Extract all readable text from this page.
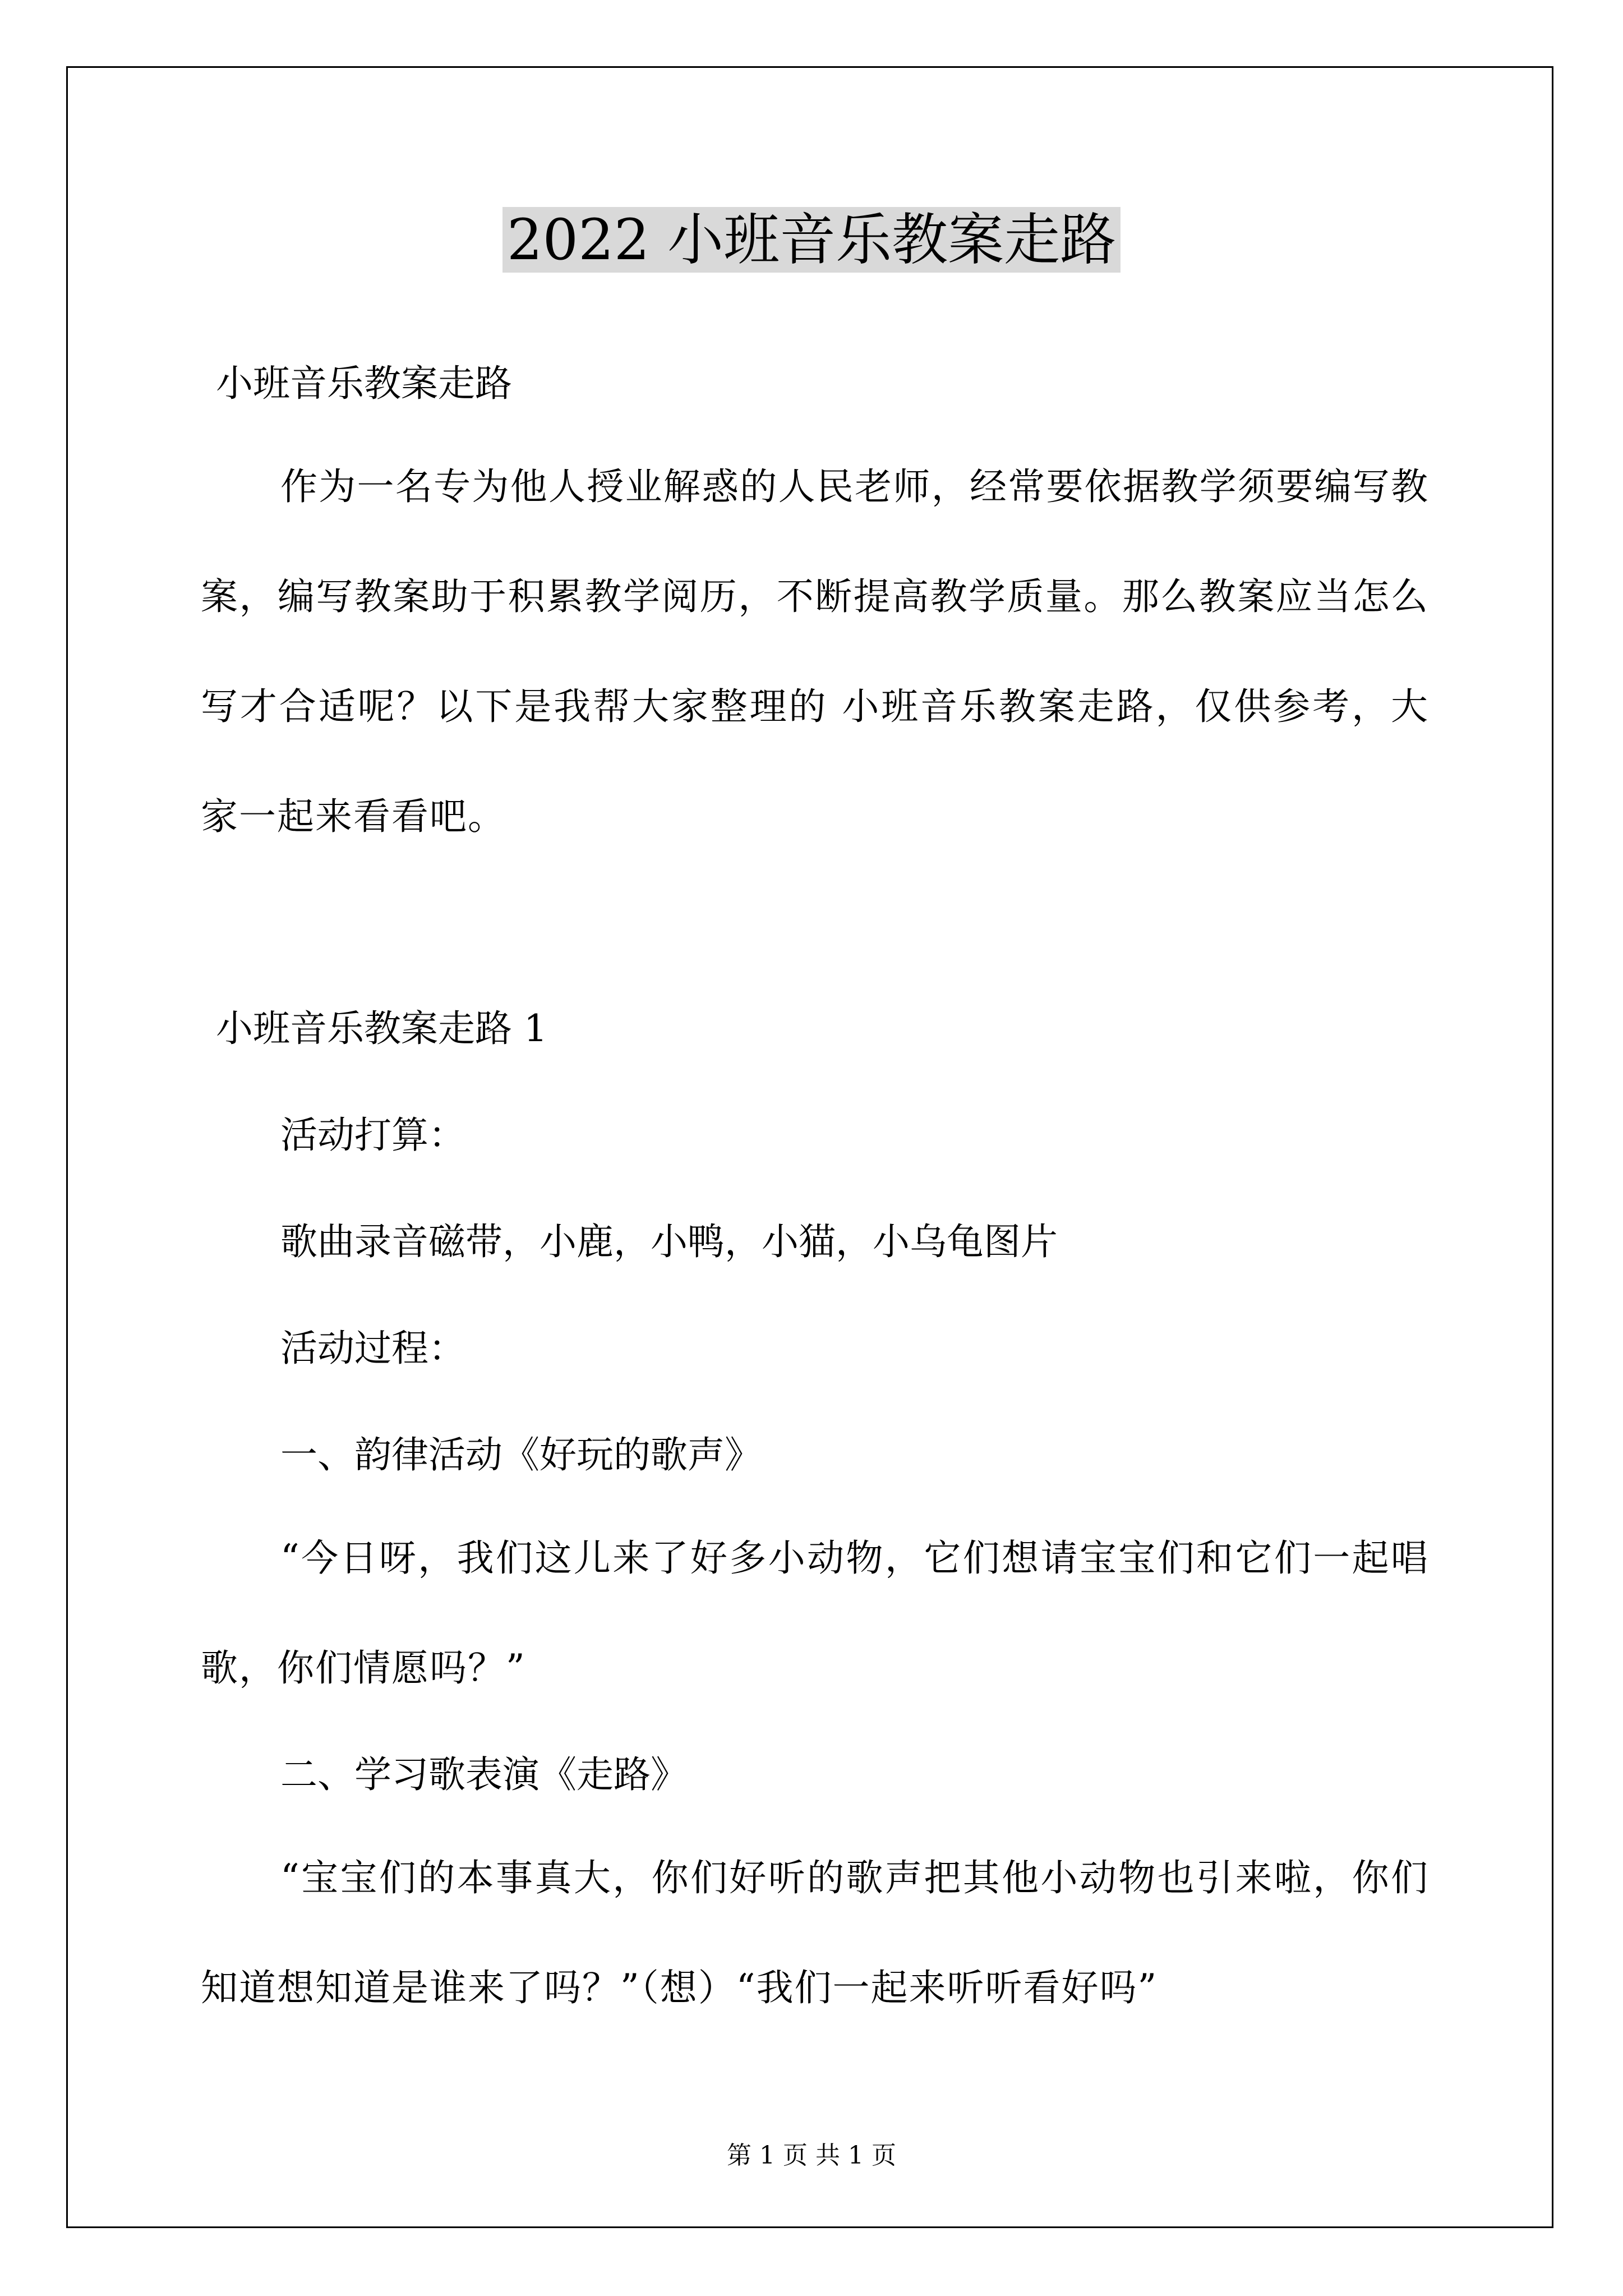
2022 小班音乐教案走路
小班音乐教案走路
作为一名专为他人授业解惑的人民老师，经常要依据教学须要编写教案，编写教案助于积累教学阅历，不断提高教学质量。那么教案应当怎么写才合适呢？以下是我帮大家整理的 小班音乐教案走路，仅供参考，大家一起来看看吧。
小班音乐教案走路 1
活动打算：
歌曲录音磁带，小鹿，小鸭，小猫，小乌龟图片
活动过程：
一、韵律活动《好玩的歌声》
“今日呀，我们这儿来了好多小动物，它们想请宝宝们和它们一起唱歌，你们情愿吗？”
二、学习歌表演《走路》
“宝宝们的本事真大，你们好听的歌声把其他小动物也引来啦，你们知道想知道是谁来了吗？”（想）“我们一起来听听看好吗”
第 1 页 共 1 页
